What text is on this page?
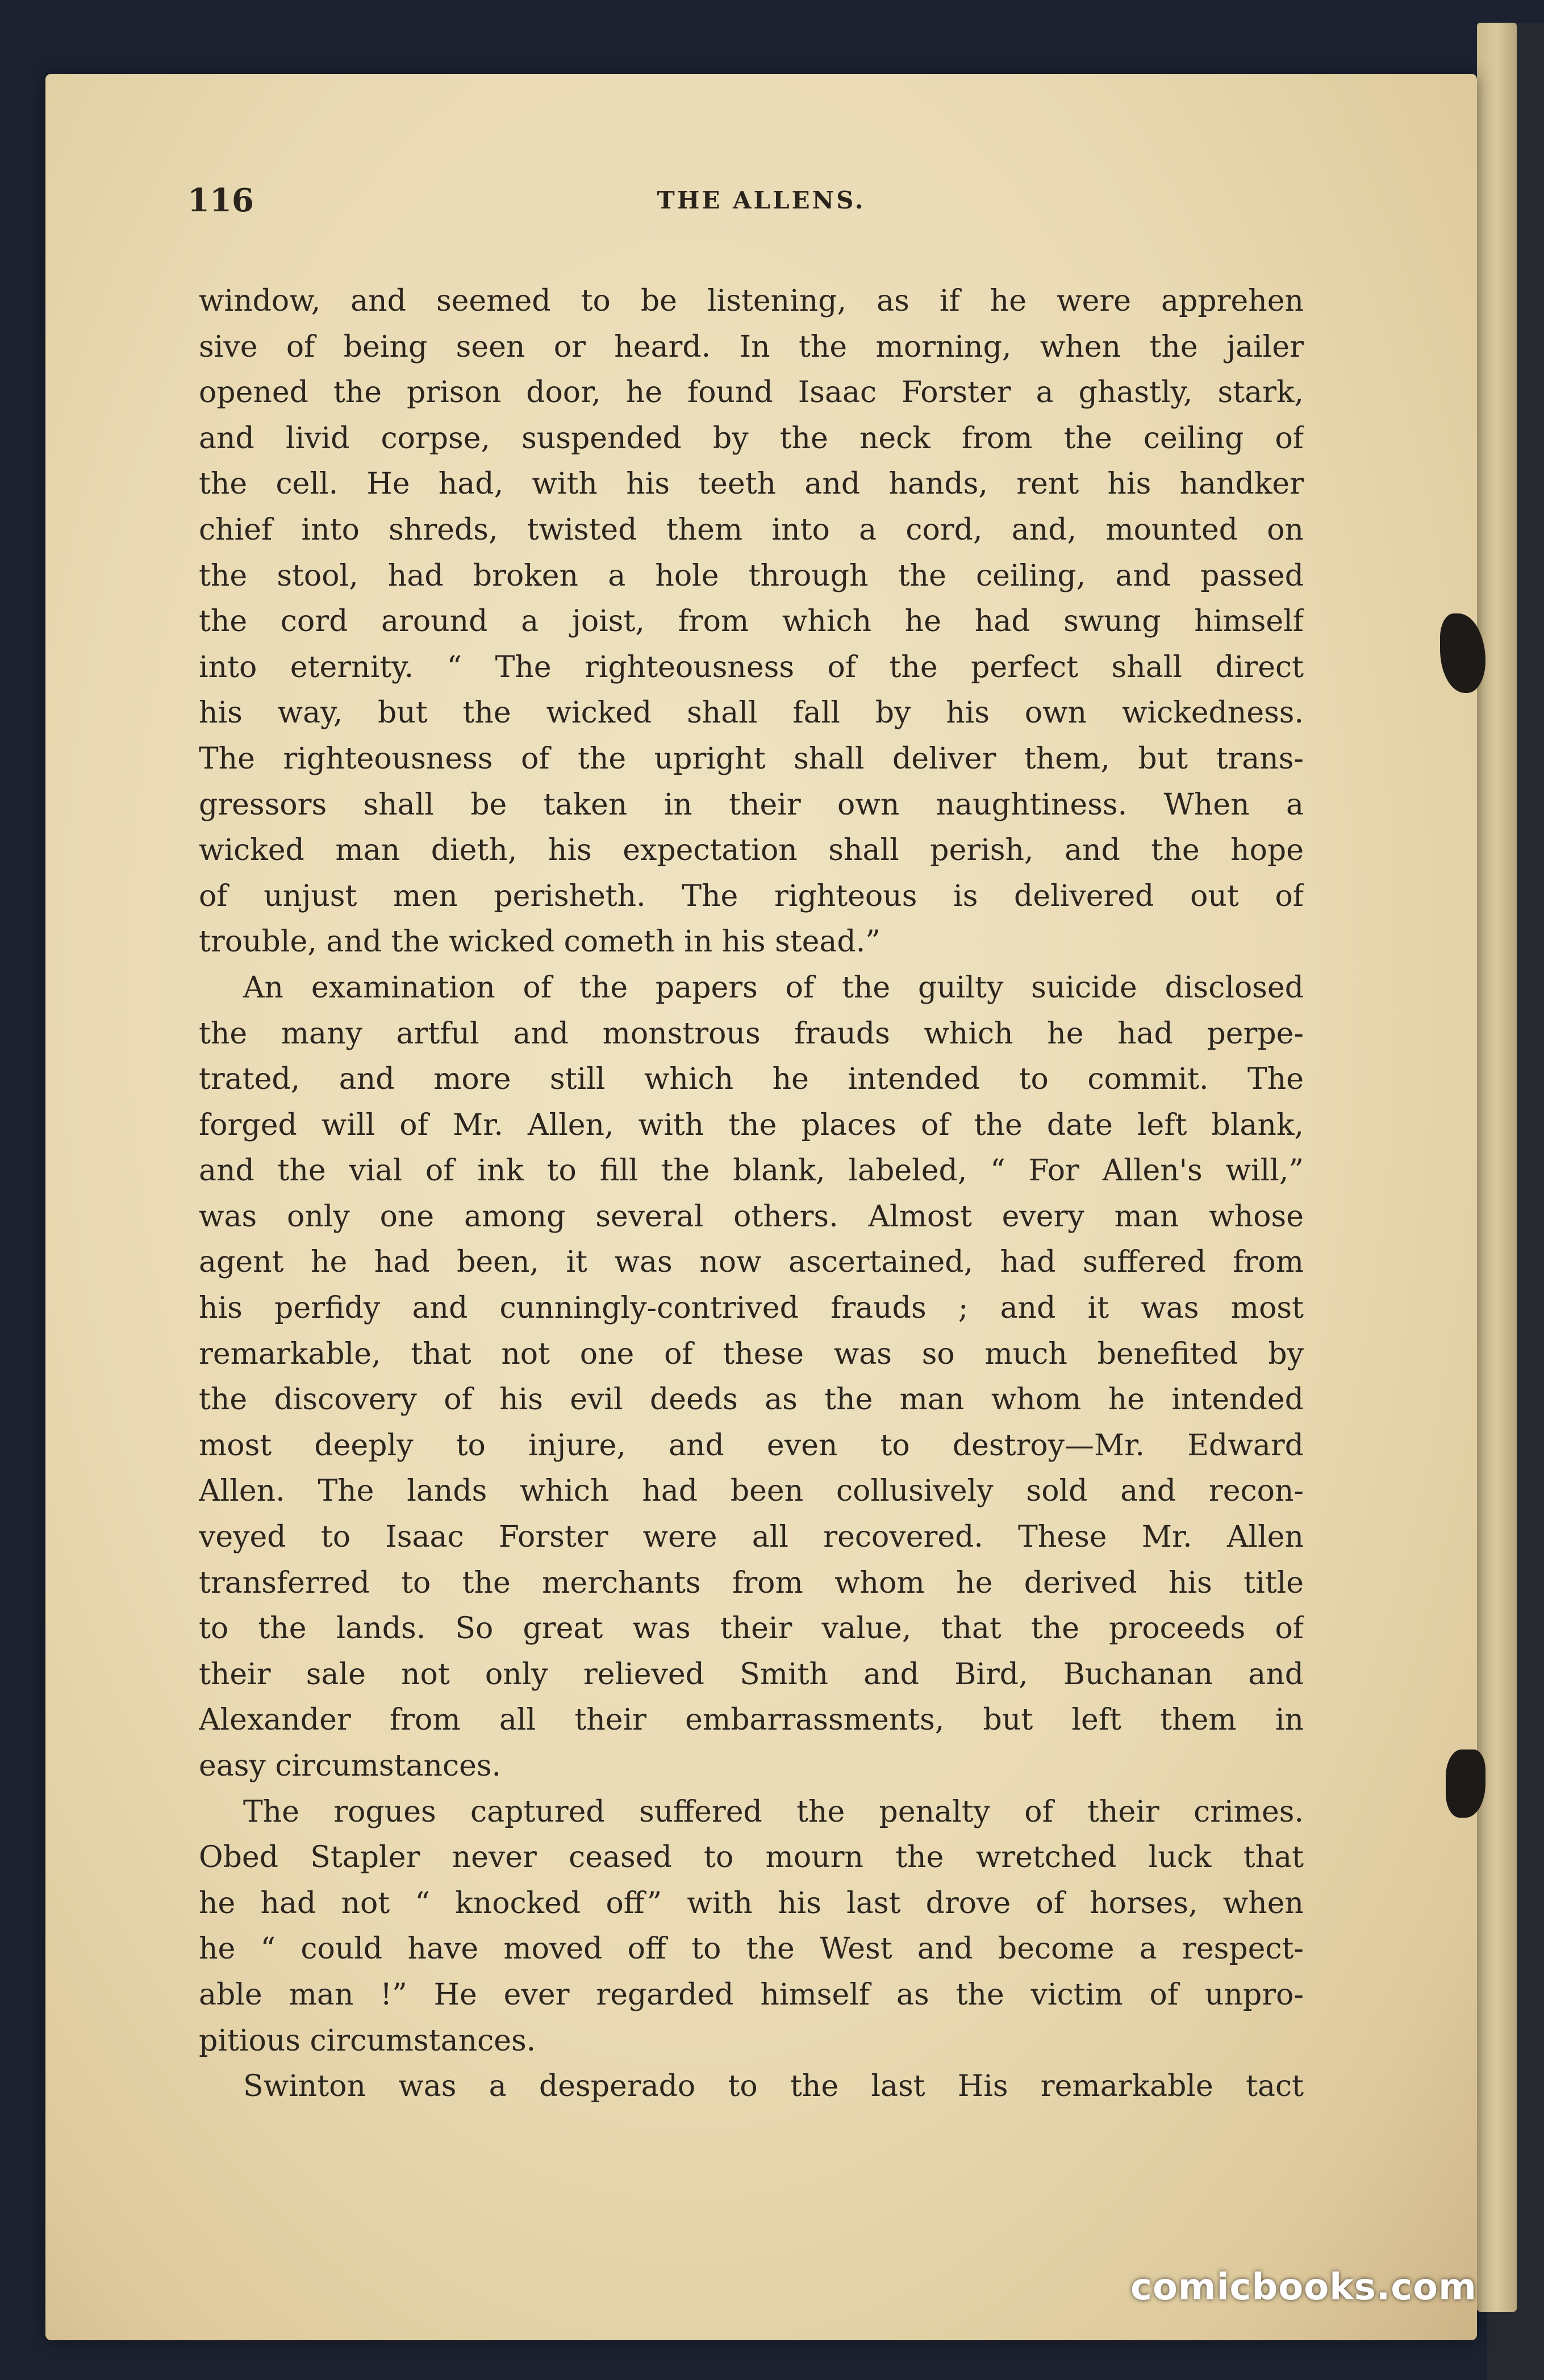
116	THE ALLENS.
window, and seemed to be listening, as if he were apprehen
sive of being seen or heard. In the morning, when the jailer
opened the prison door, he found Isaac Forster a ghastly, stark,
and livid corpse, suspended by the neck from the ceiling of
the cell. He had, with his teeth and hands, rent his handker
chief into shreds, twisted them into a cord, and, mounted on
the stool, had broken a hole through the ceiling, and passed
the cord around a joist, from which he had swung himself
into eternity. “ The righteousness of the perfect shall direct
his way, but the wicked shall fall by his own wickedness.
The righteousness of the upright shall deliver them, but trans-
gressors shall be taken in their own naughtiness. When a
wicked man dieth, his expectation shall perish, and the hope
of unjust men perisheth. The righteous is delivered out of
trouble, and the wicked cometh in his stead.”
An examination of the papers of the guilty suicide disclosed
the many artful and monstrous frauds which he had perpe-
trated, and more still which he intended to commit. The
forged will of Mr. Allen, with the places of the date left blank,
and the vial of ink to fill the blank, labeled, “ For Allen's will,”
was only one among several others. Almost every man whose
agent he had been, it was now ascertained, had suffered from
his perfidy and cunningly-contrived frauds ; and it was most
remarkable, that not one of these was so much benefited by
the discovery of his evil deeds as the man whom he intended
most deeply to injure, and even to destroy—Mr. Edward
Allen. The lands which had been collusively sold and recon-
veyed to Isaac Forster were all recovered. These Mr. Allen
transferred to the merchants from whom he derived his title
to the lands. So great was their value, that the proceeds of
their sale not only relieved Smith and Bird, Buchanan and
Alexander from all their embarrassments, but left them in
easy circumstances.
The rogues captured suffered the penalty of their crimes.
Obed Stapler never ceased to mourn the wretched luck that
he had not “ knocked off” with his last drove of horses, when
he “ could have moved off to the West and become a respect-
able man !” He ever regarded himself as the victim of unpro-
pitious circumstances.
Swinton was a desperado to the last His remarkable tact
comicbooks.com
